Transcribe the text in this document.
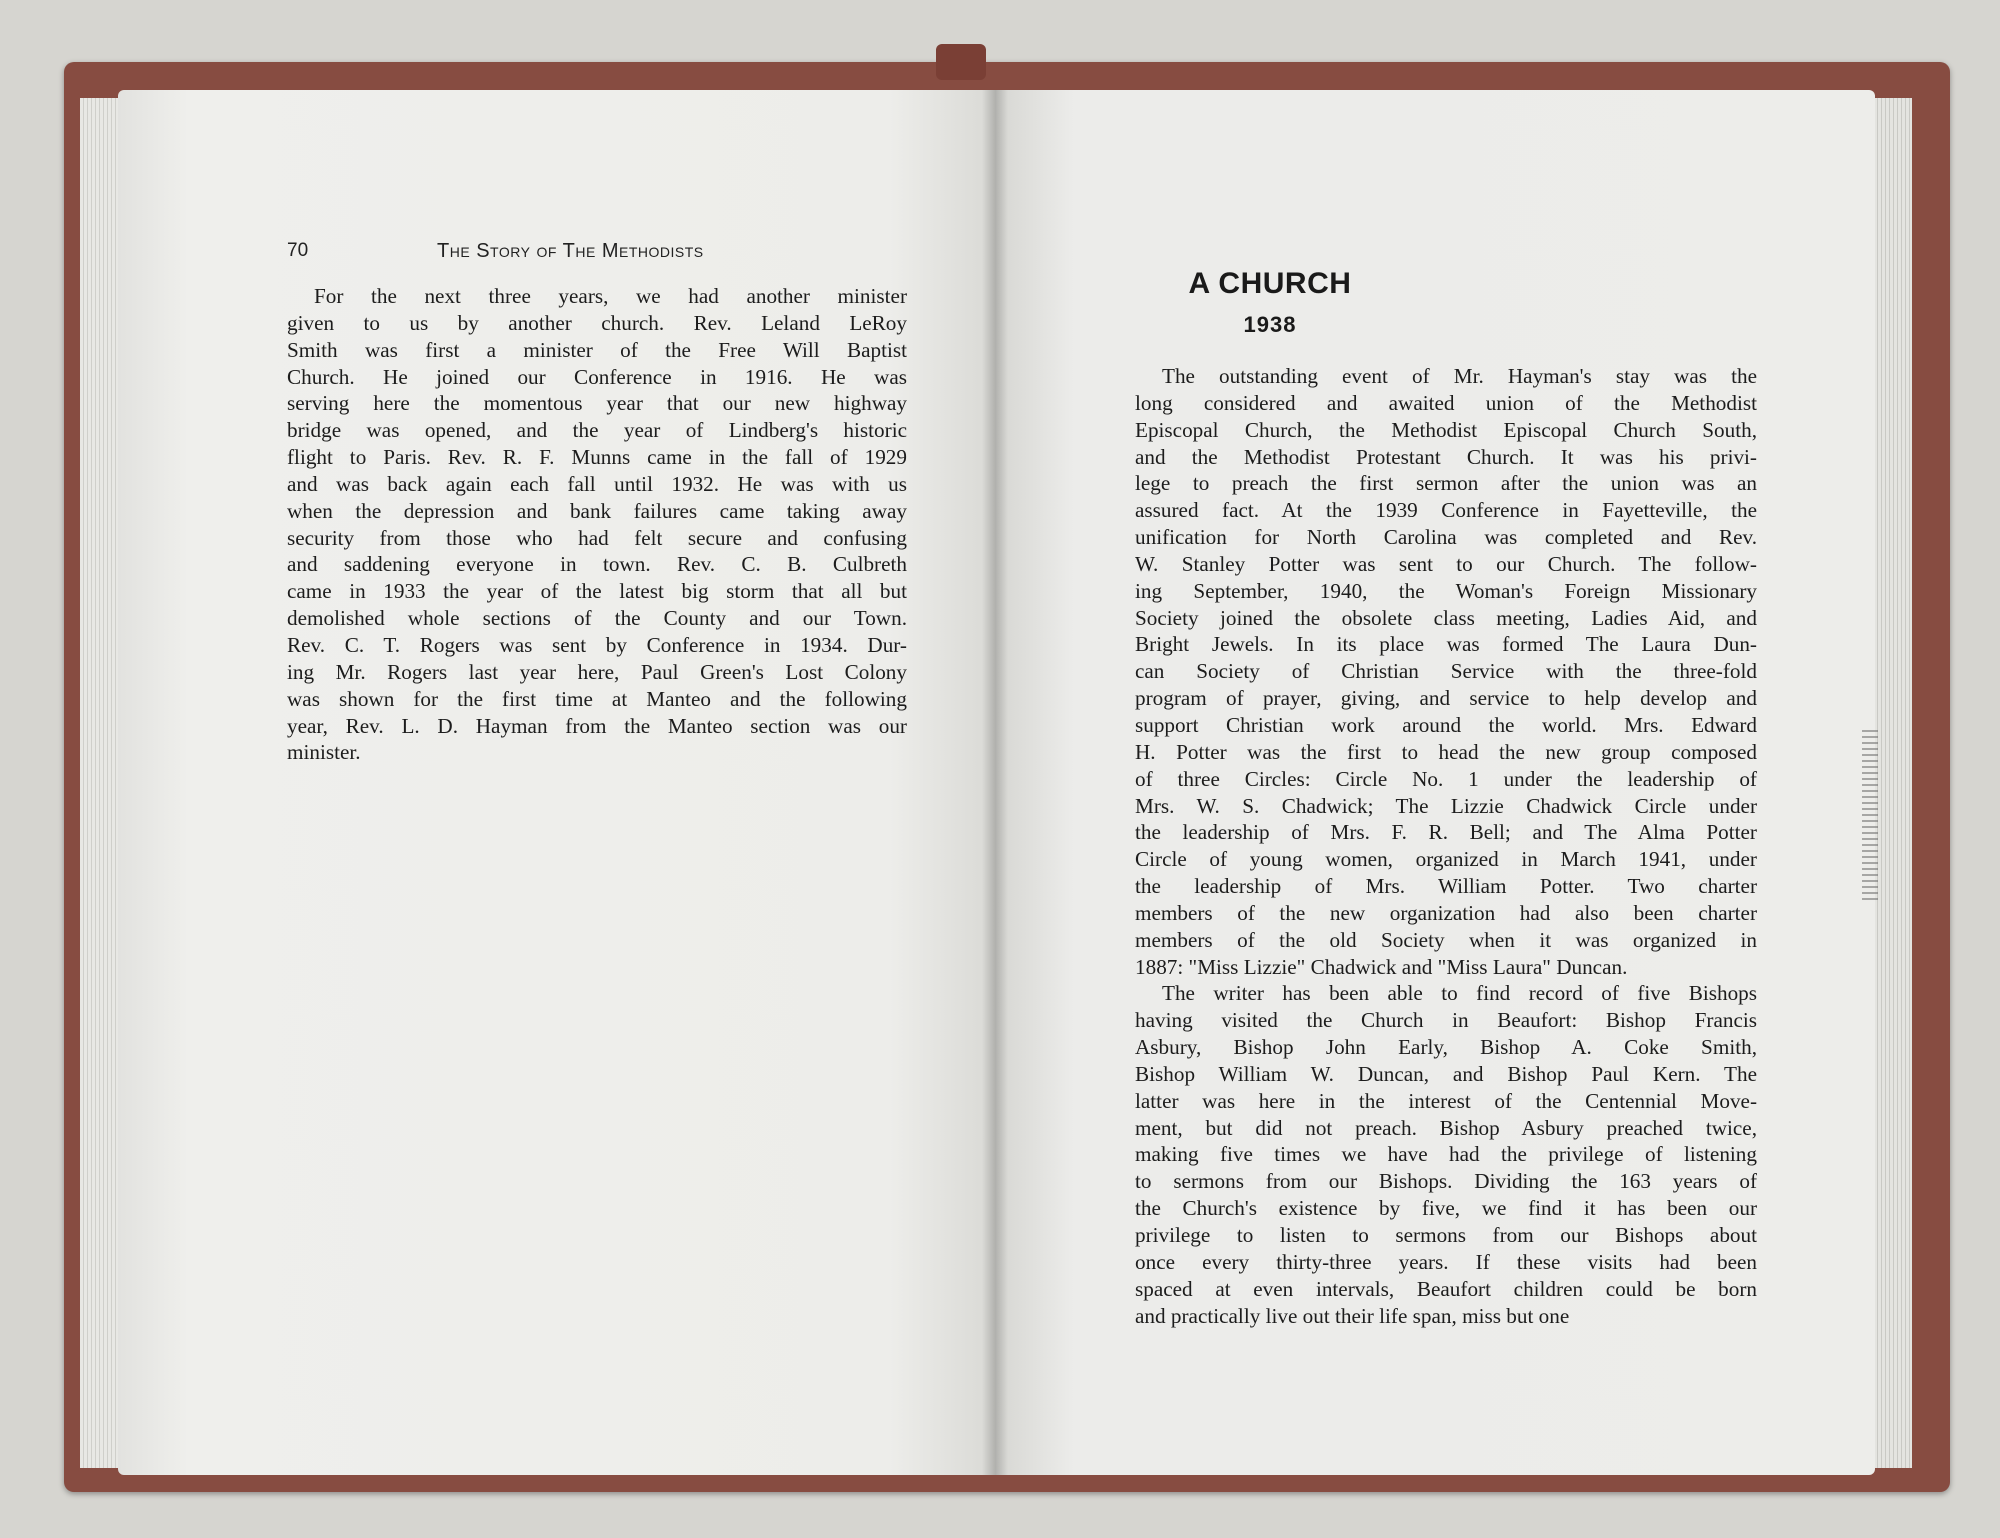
70	The Story of The Methodists
For the next three years, we had another minister
given to us by another church. Rev. Leland LeRoy
Smith was first a minister of the Free Will Baptist
Church. He joined our Conference in 1916. He was
serving here the momentous year that our new highway
bridge was opened, and the year of Lindberg's historic
flight to Paris. Rev. R. F. Munns came in the fall of 1929
and was back again each fall until 1932. He was with us
when the depression and bank failures came taking away
security from those who had felt secure and confusing
and saddening everyone in town. Rev. C. B. Culbreth
came in 1933 the year of the latest big storm that all but
demolished whole sections of the County and our Town.
Rev. C. T. Rogers was sent by Conference in 1934. Dur-
ing Mr. Rogers last year here, Paul Green's Lost Colony
was shown for the first time at Manteo and the following
year, Rev. L. D. Hayman from the Manteo section was our
minister.
A CHURCH
1938
The outstanding event of Mr. Hayman's stay was the
long considered and awaited union of the Methodist
Episcopal Church, the Methodist Episcopal Church South,
and the Methodist Protestant Church. It was his privi-
lege to preach the first sermon after the union was an
assured fact. At the 1939 Conference in Fayetteville, the
unification for North Carolina was completed and Rev.
W. Stanley Potter was sent to our Church. The follow-
ing September, 1940, the Woman's Foreign Missionary
Society joined the obsolete class meeting, Ladies Aid, and
Bright Jewels. In its place was formed The Laura Dun-
can Society of Christian Service with the three-fold
program of prayer, giving, and service to help develop and
support Christian work around the world. Mrs. Edward
H. Potter was the first to head the new group composed
of three Circles: Circle No. 1 under the leadership of
Mrs. W. S. Chadwick; The Lizzie Chadwick Circle under
the leadership of Mrs. F. R. Bell; and The Alma Potter
Circle of young women, organized in March 1941, under
the leadership of Mrs. William Potter. Two charter
members of the new organization had also been charter
members of the old Society when it was organized in
1887: "Miss Lizzie" Chadwick and "Miss Laura" Duncan.
The writer has been able to find record of five Bishops
having visited the Church in Beaufort: Bishop Francis
Asbury, Bishop John Early, Bishop A. Coke Smith,
Bishop William W. Duncan, and Bishop Paul Kern. The
latter was here in the interest of the Centennial Move-
ment, but did not preach. Bishop Asbury preached twice,
making five times we have had the privilege of listening
to sermons from our Bishops. Dividing the 163 years of
the Church's existence by five, we find it has been our
privilege to listen to sermons from our Bishops about
once every thirty-three years. If these visits had been
spaced at even intervals, Beaufort children could be born
and practically live out their life span, miss but one
